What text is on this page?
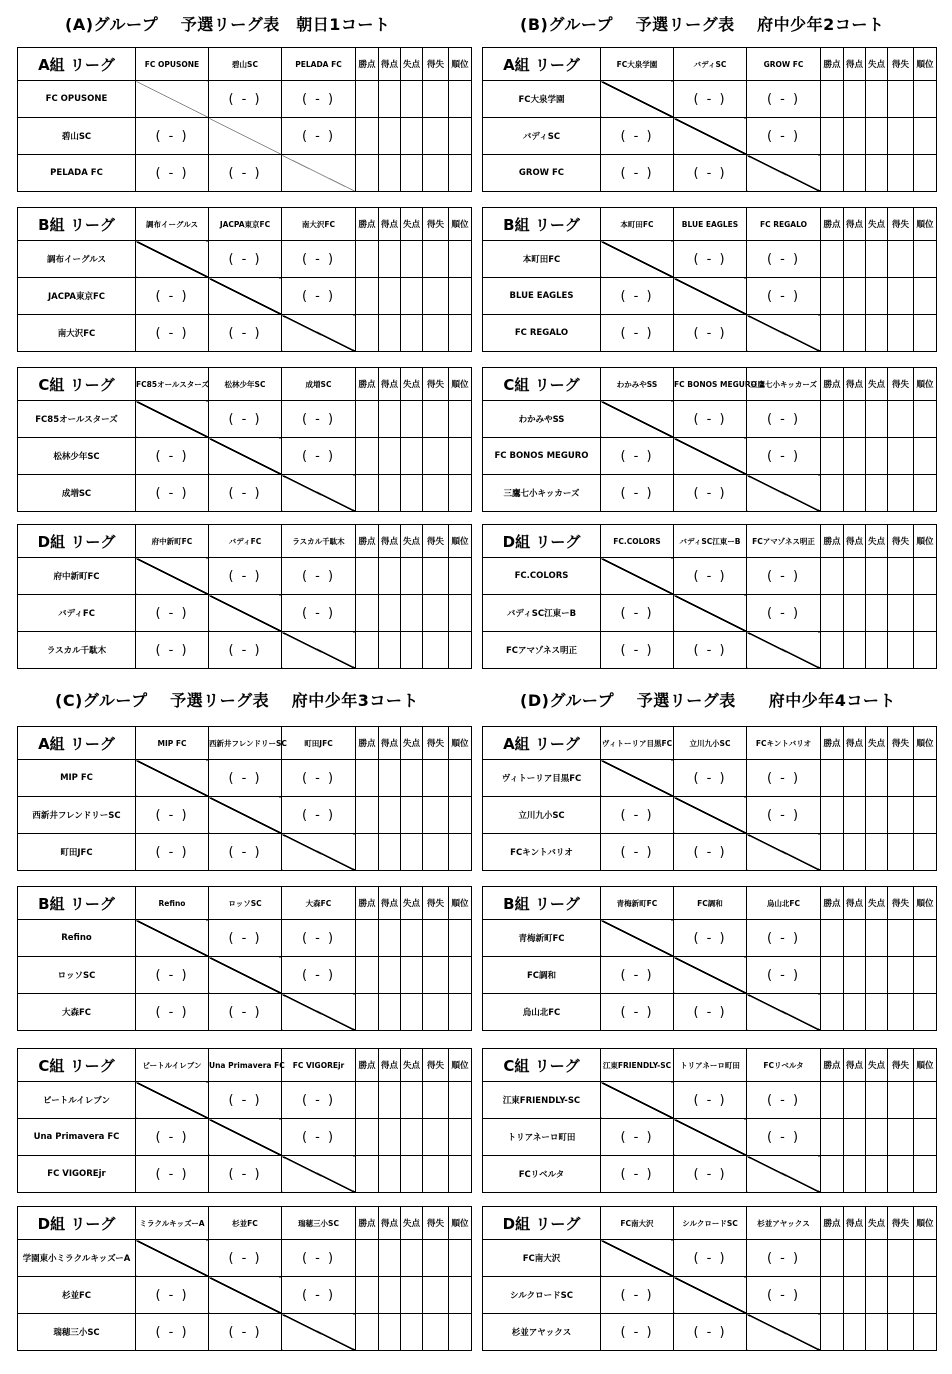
(A)グループ　 予選リーグ表　朝日1コート
A組 リーグ	FC OPUSONE	碧山SC	PELADA FC	勝点	得点	失点	得失	順位
FC OPUSONE		( - )	( - )					
碧山SC	( - )		( - )					
PELADA FC	( - )	( - )						
B組 リーグ	調布イーグルス	JACPA東京FC	南大沢FC	勝点	得点	失点	得失	順位
調布イーグルス		( - )	( - )					
JACPA東京FC	( - )		( - )					
南大沢FC	( - )	( - )						
C組 リーグ	FC85オールスターズ	松林少年SC	成増SC	勝点	得点	失点	得失	順位
FC85オールスターズ		( - )	( - )					
松林少年SC	( - )		( - )					
成増SC	( - )	( - )						
D組 リーグ	府中新町FC	バディFC	ラスカル千駄木	勝点	得点	失点	得失	順位
府中新町FC		( - )	( - )					
バディFC	( - )		( - )					
ラスカル千駄木	( - )	( - )						
(B)グループ　 予選リーグ表　 府中少年2コート
A組 リーグ	FC大泉学園	バディSC	GROW FC	勝点	得点	失点	得失	順位
FC大泉学園		( - )	( - )					
バディSC	( - )		( - )					
GROW FC	( - )	( - )						
B組 リーグ	本町田FC	BLUE EAGLES	FC REGALO	勝点	得点	失点	得失	順位
本町田FC		( - )	( - )					
BLUE EAGLES	( - )		( - )					
FC REGALO	( - )	( - )						
C組 リーグ	わかみやSS	FC BONOS MEGURO	三鷹七小キッカーズ	勝点	得点	失点	得失	順位
わかみやSS		( - )	( - )					
FC BONOS MEGURO	( - )		( - )					
三鷹七小キッカーズ	( - )	( - )						
D組 リーグ	FC.COLORS	バディSC江東ーB	FCアマゾネス明正	勝点	得点	失点	得失	順位
FC.COLORS		( - )	( - )					
バディSC江東ーB	( - )		( - )					
FCアマゾネス明正	( - )	( - )						
(C)グループ　 予選リーグ表　 府中少年3コート
A組 リーグ	MIP FC	西新井フレンドリーSC	町田JFC	勝点	得点	失点	得失	順位
MIP FC		( - )	( - )					
西新井フレンドリーSC	( - )		( - )					
町田JFC	( - )	( - )						
B組 リーグ	Refino	ロッソSC	大森FC	勝点	得点	失点	得失	順位
Refino		( - )	( - )					
ロッソSC	( - )		( - )					
大森FC	( - )	( - )						
C組 リーグ	ビートルイレブン	Una Primavera FC	FC VIGOREjr	勝点	得点	失点	得失	順位
ビートルイレブン		( - )	( - )					
Una Primavera FC	( - )		( - )					
FC VIGOREjr	( - )	( - )						
D組 リーグ	ミラクルキッズーA	杉並FC	瑞穂三小SC	勝点	得点	失点	得失	順位
学園東小ミラクルキッズーA		( - )	( - )					
杉並FC	( - )		( - )					
瑞穂三小SC	( - )	( - )						
(D)グループ　 予選リーグ表　　府中少年4コート
A組 リーグ	ヴィトーリア目黒FC	立川九小SC	FCキントバリオ	勝点	得点	失点	得失	順位
ヴィトーリア目黒FC		( - )	( - )					
立川九小SC	( - )		( - )					
FCキントバリオ	( - )	( - )						
B組 リーグ	青梅新町FC	FC調和	烏山北FC	勝点	得点	失点	得失	順位
青梅新町FC		( - )	( - )					
FC調和	( - )		( - )					
烏山北FC	( - )	( - )						
C組 リーグ	江東FRIENDLY-SC	トリアネーロ町田	FCリベルタ	勝点	得点	失点	得失	順位
江東FRIENDLY-SC		( - )	( - )					
トリアネーロ町田	( - )		( - )					
FCリベルタ	( - )	( - )						
D組 リーグ	FC南大沢	シルクロードSC	杉並アヤックス	勝点	得点	失点	得失	順位
FC南大沢		( - )	( - )					
シルクロードSC	( - )		( - )					
杉並アヤックス	( - )	( - )						
